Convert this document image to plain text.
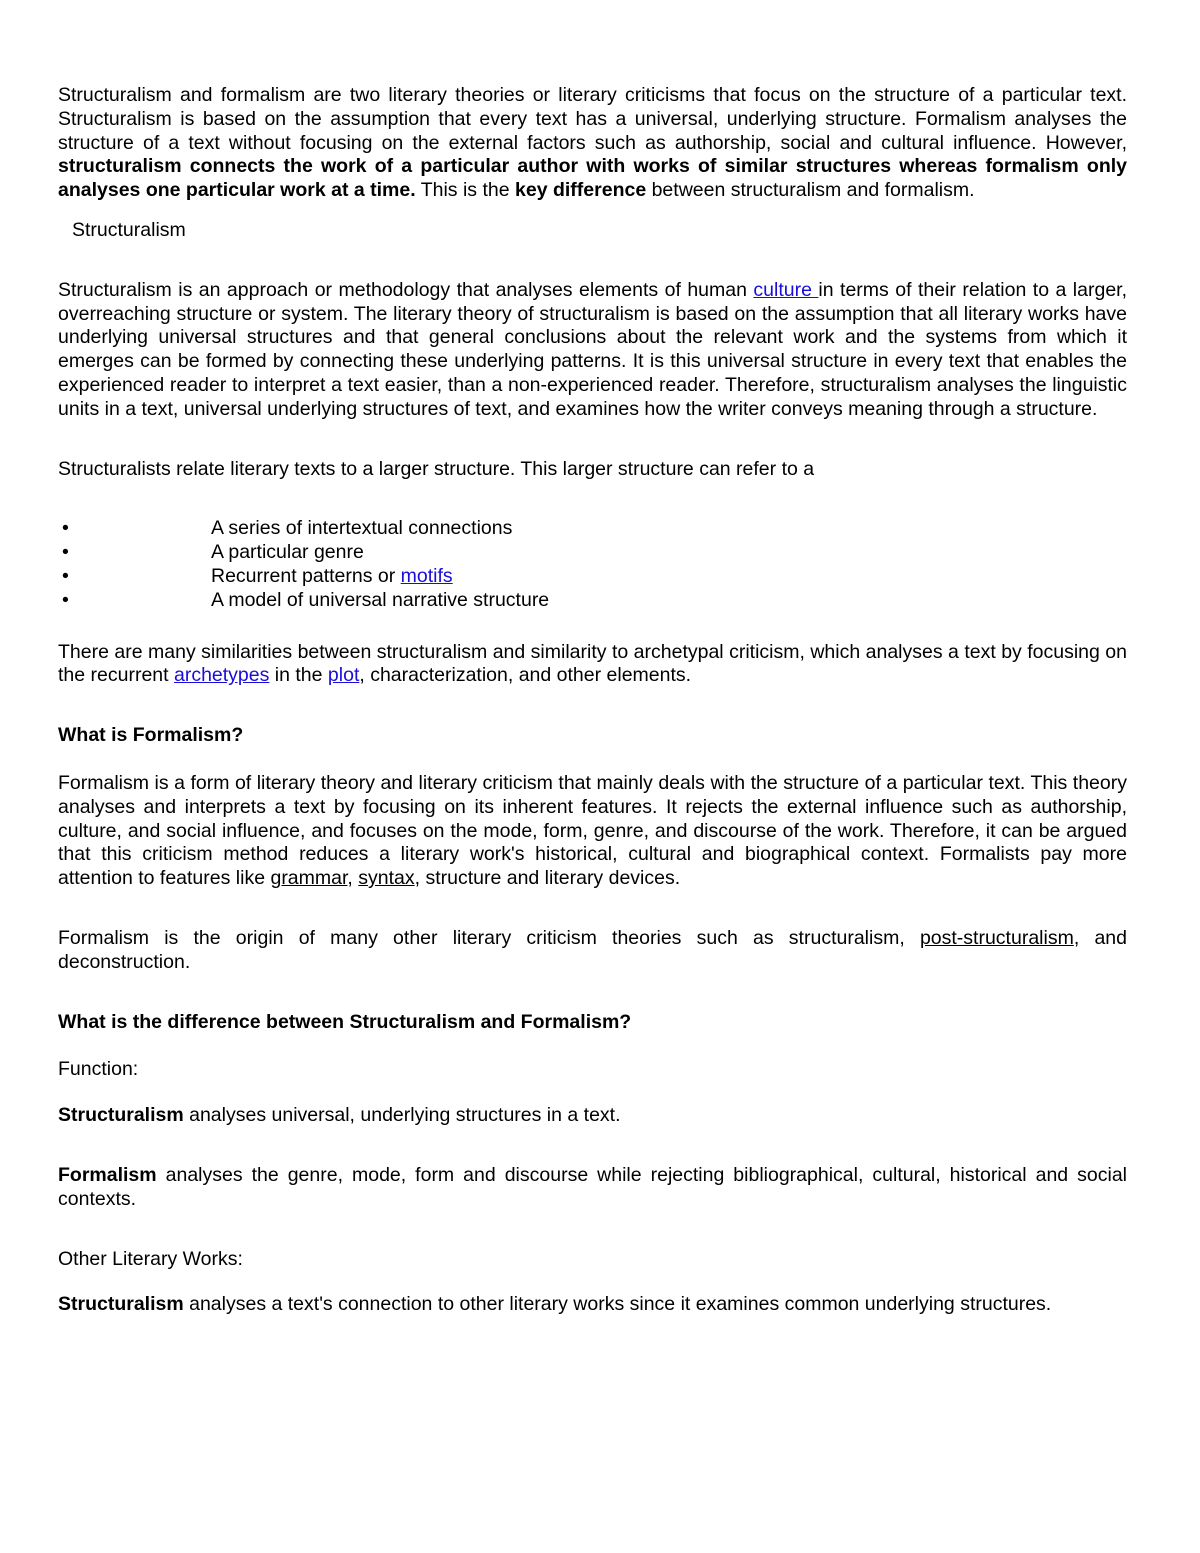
Structuralism and formalism are two literary theories or literary criticisms that focus on the structure of a particular text. Structuralism is based on the assumption that every text has a universal, underlying structure. Formalism analyses the structure of a text without focusing on the external factors such as authorship, social and cultural influence. However, structuralism connects the work of a particular author with works of similar structures whereas formalism only analyses one particular work at a time. This is the key difference between structuralism and formalism.

Structuralism

Structuralism is an approach or methodology that analyses elements of human culture in terms of their relation to a larger, overreaching structure or system. The literary theory of structuralism is based on the assumption that all literary works have underlying universal structures and that general conclusions about the relevant work and the systems from which it emerges can be formed by connecting these underlying patterns. It is this universal structure in every text that enables the experienced reader to interpret a text easier, than a non-experienced reader. Therefore, structuralism analyses the linguistic units in a text, universal underlying structures of text, and examines how the writer conveys meaning through a structure.

Structuralists relate literary texts to a larger structure. This larger structure can refer to a

•	A series of intertextual connections
•	A particular genre
•	Recurrent patterns or motifs
•	A model of universal narrative structure

There are many similarities between structuralism and similarity to archetypal criticism, which analyses a text by focusing on the recurrent archetypes in the plot, characterization, and other elements.

What is Formalism?

Formalism is a form of literary theory and literary criticism that mainly deals with the structure of a particular text. This theory analyses and interprets a text by focusing on its inherent features. It rejects the external influence such as authorship, culture, and social influence, and focuses on the mode, form, genre, and discourse of the work. Therefore, it can be argued that this criticism method reduces a literary work's historical, cultural and biographical context. Formalists pay more attention to features like grammar, syntax, structure and literary devices.

Formalism is the origin of many other literary criticism theories such as structuralism, post-structuralism, and deconstruction.

What is the difference between Structuralism and Formalism?

Function:

Structuralism analyses universal, underlying structures in a text.

Formalism analyses the genre, mode, form and discourse while rejecting bibliographical, cultural, historical and social contexts.

Other Literary Works:

Structuralism analyses a text's connection to other literary works since it examines common underlying structures.
